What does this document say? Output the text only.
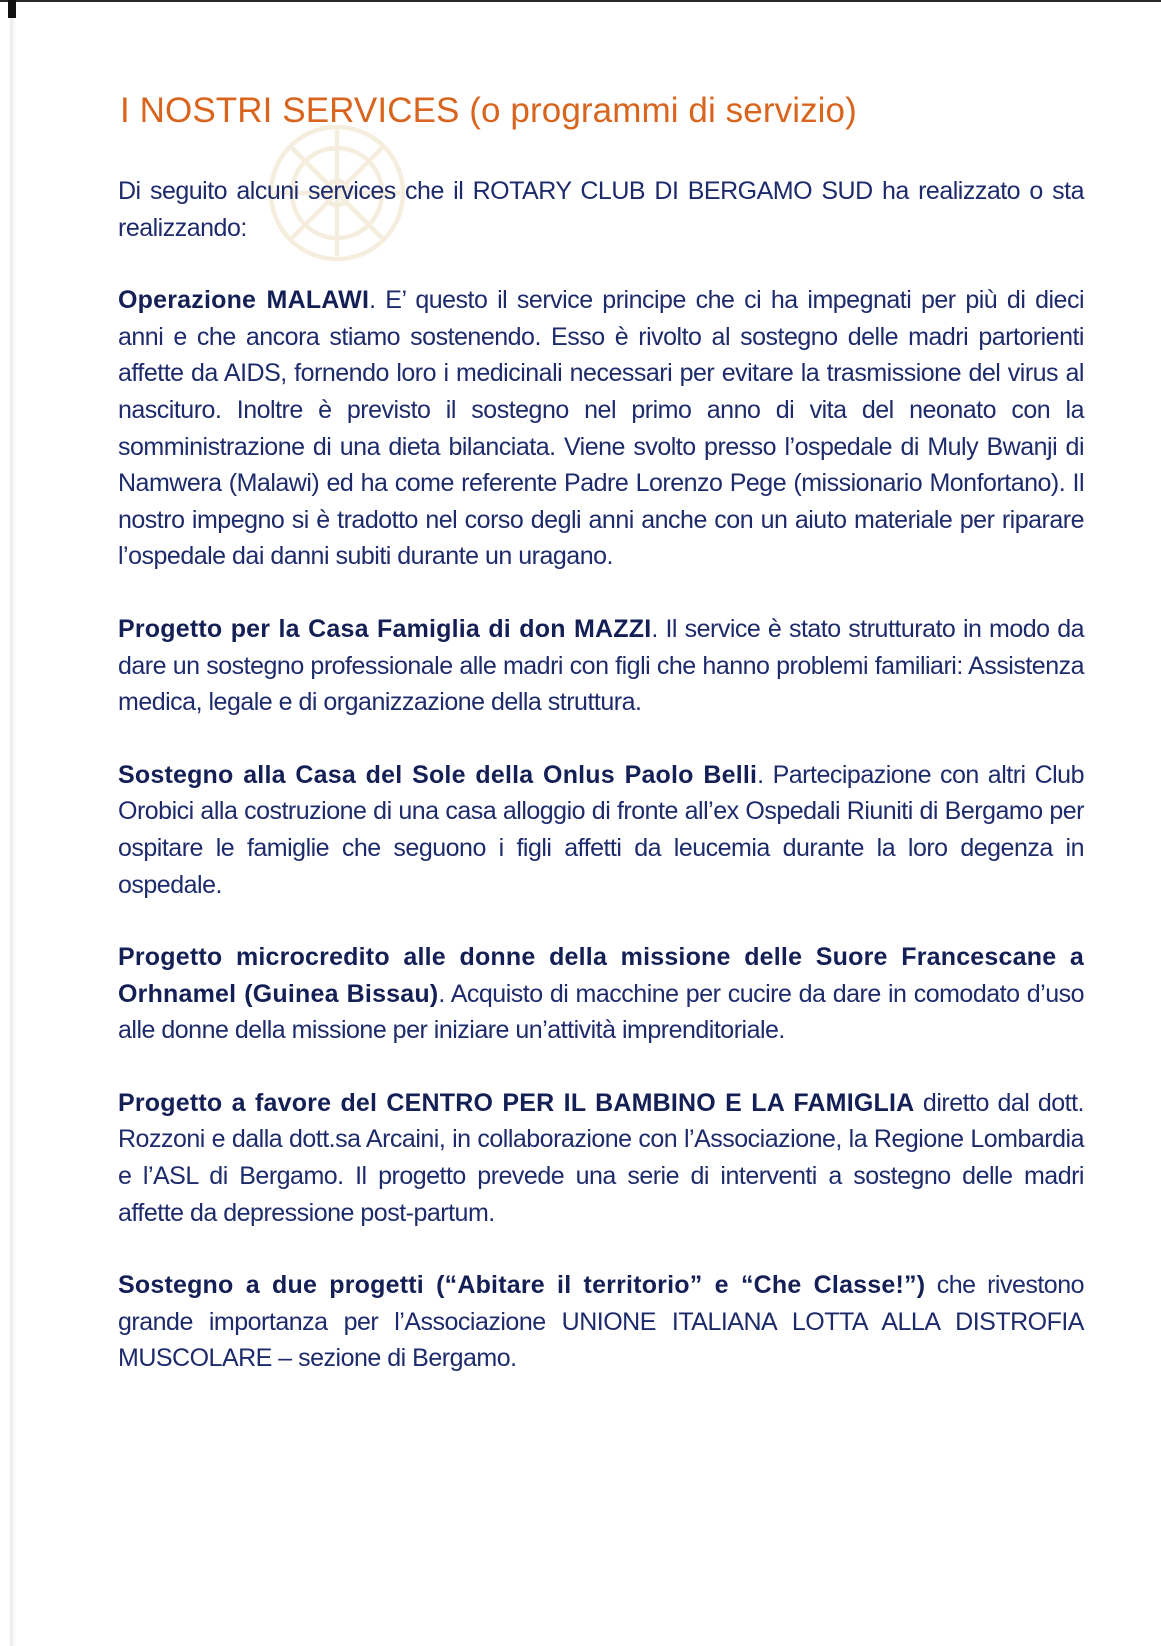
I NOSTRI SERVICES (o programmi di servizio)

Di seguito alcuni services che il ROTARY CLUB DI BERGAMO SUD ha realizzato o sta realizzando:

Operazione MALAWI. E’ questo il service principe che ci ha impegnati per più di dieci anni e che ancora stiamo sostenendo. Esso è rivolto al sostegno delle madri partorienti affette da AIDS, fornendo loro i medicinali necessari per evitare la trasmissione del virus al nascituro. Inoltre è previsto il sostegno nel primo anno di vita del neonato con la somministrazione di una dieta bilanciata. Viene svolto presso l’ospedale di Muly Bwanji di Namwera (Malawi) ed ha come referente Padre Lorenzo Pege (missionario Monfortano). Il nostro impegno si è tradotto nel corso degli anni anche con un aiuto materiale per riparare l’ospedale dai danni subiti durante un uragano.

Progetto per la Casa Famiglia di don MAZZI. Il service è stato strutturato in modo da dare un sostegno professionale alle madri con figli che hanno problemi familiari: Assistenza medica, legale e di organizzazione della struttura.

Sostegno alla Casa del Sole della Onlus Paolo Belli. Partecipazione con altri Club Orobici alla costruzione di una casa alloggio di fronte all’ex Ospedali Riuniti di Bergamo per ospitare le famiglie che seguono i figli affetti da leucemia durante la loro degenza in ospedale.

Progetto microcredito alle donne della missione delle Suore Francescane a Orhnamel (Guinea Bissau). Acquisto di macchine per cucire da dare in comodato d’uso alle donne della missione per iniziare un’attività imprenditoriale.

Progetto a favore del CENTRO PER IL BAMBINO E LA FAMIGLIA diretto dal dott. Rozzoni e dalla dott.sa Arcaini, in collaborazione con l’Associazione, la Regione Lombardia e l’ASL di Bergamo. Il progetto prevede una serie di interventi a sostegno delle madri affette da depressione post-partum.

Sostegno a due progetti (“Abitare il territorio” e “Che Classe!”) che rivestono grande importanza per l’Associazione UNIONE ITALIANA LOTTA ALLA DISTROFIA MUSCOLARE – sezione di Bergamo.
